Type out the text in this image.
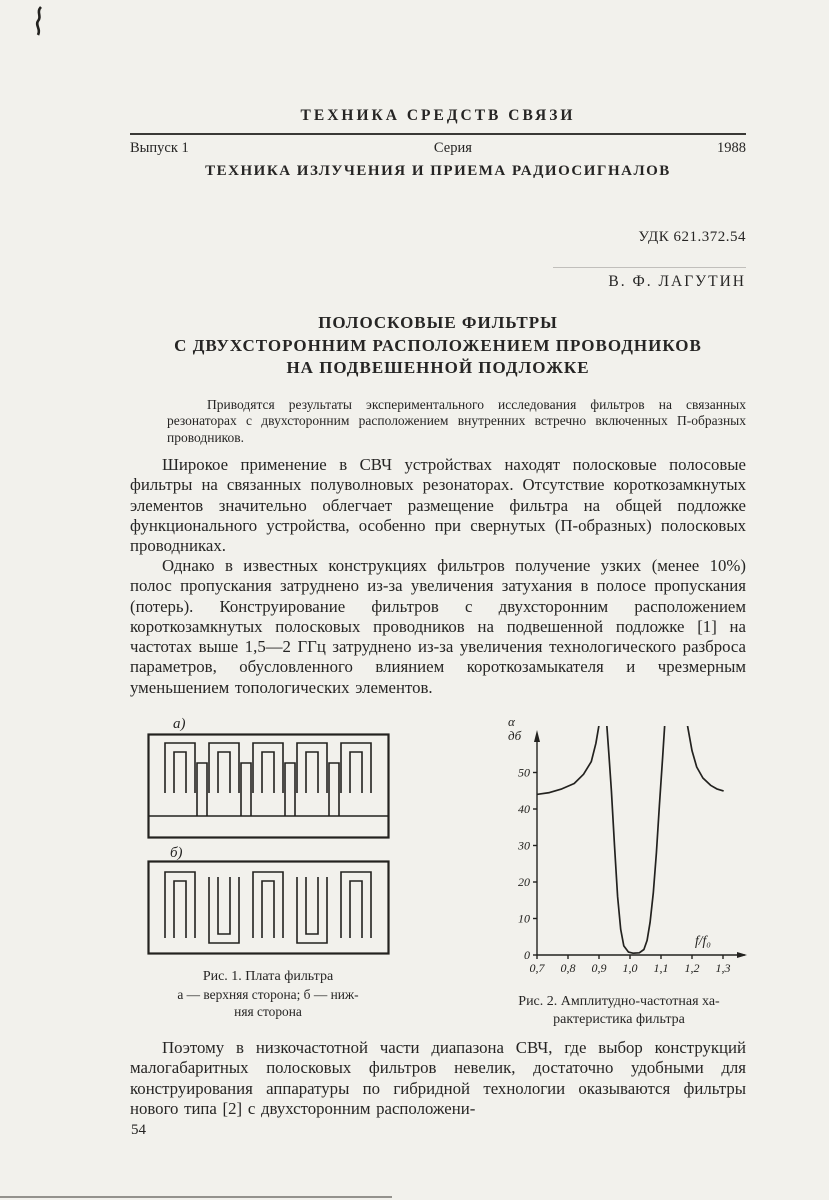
ТЕХНИКА СРЕДСТВ СВЯЗИ
Выпуск 1	Серия	1988
ТЕХНИКА ИЗЛУЧЕНИЯ И ПРИЕМА РАДИОСИГНАЛОВ
УДК 621.372.54
В. Ф. ЛАГУТИН
ПОЛОСКОВЫЕ ФИЛЬТРЫ
С ДВУХСТОРОННИМ РАСПОЛОЖЕНИЕМ ПРОВОДНИКОВ
НА ПОДВЕШЕННОЙ ПОДЛОЖКЕ
Приводятся результаты экспериментального исследования фильтров на связанных резонаторах с двухсторонним расположением внутренних встречно включенных П-образных проводников.
Широкое применение в СВЧ устройствах находят полосковые полосовые фильтры на связанных полуволновых резонаторах. Отсутствие короткозамкнутых элементов значительно облегчает размещение фильтра на общей подложке функционального устройства, особенно при свернутых (П-образных) полосковых проводниках.
Однако в известных конструкциях фильтров получение узких (менее 10%) полос пропускания затруднено из-за увеличения затухания в полосе пропускания (потерь). Конструирование фильтров с двухсторонним расположением короткозамкнутых полосковых проводников на подвешенной подложке [1] на частотах выше 1,5—2 ГГц затруднено из-за увеличения технологического разброса параметров, обусловленного влиянием короткозамыкателя и чрезмерным уменьшением топологических элементов.
а)
б)
Рис. 1. Плата фильтра
а — верхняя сторона; б — ниж-
няя сторона
0
10
20
30
40
50
0,7 0,8 0,9 1,0 1,1 1,2 1,3
α
дб
f/f₀
Рис. 2. Амплитудно-частотная ха-
рактеристика фильтра
Поэтому в низкочастотной части диапазона СВЧ, где выбор конструкций малогабаритных полосковых фильтров невелик, достаточно удобными для конструирования аппаратуры по гибридной технологии оказываются фильтры нового типа [2] с двухсторонним расположени-
54
